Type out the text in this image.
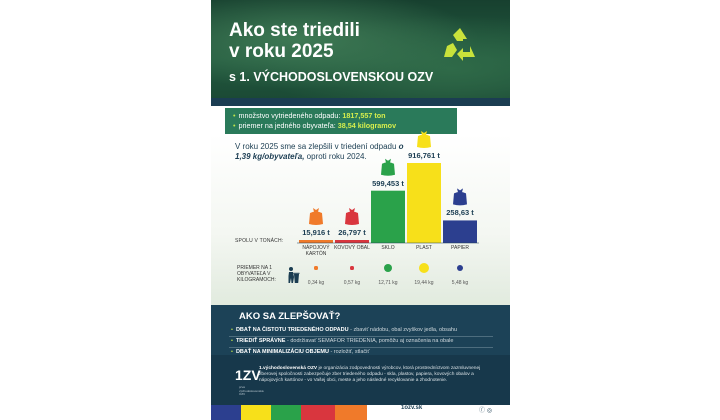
Ako ste triedili
v roku 2025
s 1. VÝCHODOSLOVENSKOU OZV
• množstvo vytriedeného odpadu: 1817,557 ton
• priemer na jedného obyvateľa: 38,54 kilogramov
V roku 2025 sme sa zlepšili v triedení odpadu o 1,39 kg/obyvateľa, oproti roku 2024.
SPOLU V TONÁCH:
15,916 t
NÁPOJOVÝ KARTÓN
0,34 kg
26,797 t
KOVOVÝ OBAL
0,57 kg
599,453 t
SKLO
12,71 kg
916,761 t
PLAST
19,44 kg
258,63 t
PAPIER
5,48 kg
PRIEMER NA 1 OBYVATEĽA V KILOGRAMOCH:
AKO SA ZLEPŠOVAŤ?
• DBAŤ NA ČISTOTU TRIEDENÉHO ODPADU - zbaviť nádobu, obal zvyškov jedla, obsahu
• TRIEDIŤ SPRÁVNE - dodržiavať SEMAFOR TRIEDENIA, pomôžu aj označenia na obale
• DBAŤ NA MINIMALIZÁCIU OBJEMU - rozložiť, stlačiť
1ZV
prvá východoslovenská OZV
1.východoslovenská OZV je organizácia zodpovednosti výrobcov, ktorá prostredníctvom zazmluvnenej zberovej spoločnosti zabezpečuje zber triedeného odpadu - skla, plastov, papiera, kovových obalov a nápojových kartónov - vo Vašej obci, meste a jeho následné recyklovanie a zhodnotenie.
1ozv.sk	ⓕ ◎
